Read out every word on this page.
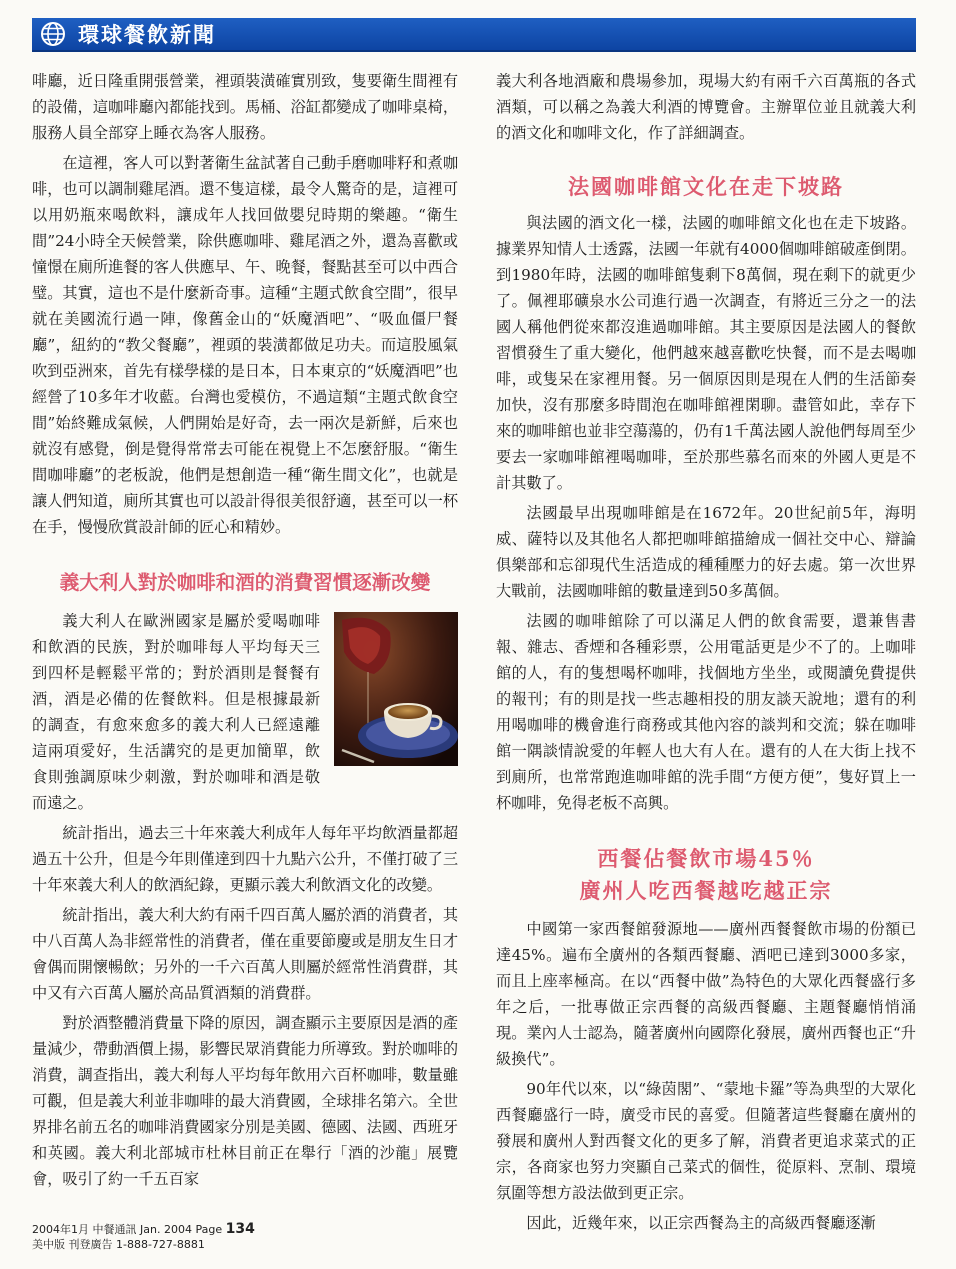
環球餐飲新聞

啡廳，近日隆重開張營業，裡頭裝潢確實別致，隻要衛生間裡有的設備，這咖啡廳內都能找到。馬桶、浴缸都變成了咖啡桌椅，服務人員全部穿上睡衣為客人服務。

在這裡，客人可以對著衛生盆試著自己動手磨咖啡籽和煮咖啡，也可以調制雞尾酒。還不隻這樣，最令人驚奇的是，這裡可以用奶瓶來喝飲料，讓成年人找回做嬰兒時期的樂趣。“衛生間”24小時全天候營業，除供應咖啡、雞尾酒之外，還為喜歡或憧憬在廁所進餐的客人供應早、午、晚餐，餐點甚至可以中西合璧。其實，這也不是什麼新奇事。這種“主題式飲食空間”，很早就在美國流行過一陣，像舊金山的“妖魔酒吧”、“吸血僵尸餐廳”，紐約的“教父餐廳”，裡頭的裝潢都做足功夫。而這股風氣吹到亞洲來，首先有樣學樣的是日本，日本東京的“妖魔酒吧”也經營了10多年才收藍。台灣也愛模仿，不過這類“主題式飲食空間”始終難成氣候，人們開始是好奇，去一兩次是新鮮，后來也就沒有感覺，倒是覺得常常去可能在視覺上不怎麼舒服。“衛生間咖啡廳”的老板說，他們是想創造一種“衛生間文化”，也就是讓人們知道，廁所其實也可以設計得很美很舒適，甚至可以一杯在手，慢慢欣賞設計師的匠心和精妙。

義大利人對於咖啡和酒的消費習慣逐漸改變

義大利人在歐洲國家是屬於愛喝咖啡和飲酒的民族，對於咖啡每人平均每天三到四杯是輕鬆平常的；對於酒則是餐餐有酒，酒是必備的佐餐飲料。但是根據最新的調查，有愈來愈多的義大利人已經遠離這兩項愛好，生活講究的是更加簡單，飲食則強調原味少刺激，對於咖啡和酒是敬而遠之。

統計指出，過去三十年來義大利成年人每年平均飲酒量都超過五十公升，但是今年則僅達到四十九點六公升，不僅打破了三十年來義大利人的飲酒紀錄，更顯示義大利飲酒文化的改變。

統計指出，義大利大約有兩千四百萬人屬於酒的消費者，其中八百萬人為非經常性的消費者，僅在重要節慶或是朋友生日才會偶而開懷暢飲；另外的一千六百萬人則屬於經常性消費群，其中又有六百萬人屬於高品質酒類的消費群。

對於酒整體消費量下降的原因，調查顯示主要原因是酒的產量減少，帶動酒價上揚，影響民眾消費能力所導致。對於咖啡的消費，調查指出，義大利每人平均每年飲用六百杯咖啡，數量雖可觀，但是義大利並非咖啡的最大消費國，全球排名第六。全世界排名前五名的咖啡消費國家分別是美國、德國、法國、西班牙和英國。義大利北部城市杜林目前正在舉行「酒的沙龍」展覽會，吸引了約一千五百家

義大利各地酒廠和農場參加，現場大約有兩千六百萬瓶的各式酒類，可以稱之為義大利酒的博覽會。主辦單位並且就義大利的酒文化和咖啡文化，作了詳細調查。

法國咖啡館文化在走下坡路

與法國的酒文化一樣，法國的咖啡館文化也在走下坡路。據業界知情人士透露，法國一年就有4000個咖啡館破產倒閉。到1980年時，法國的咖啡館隻剩下8萬個，現在剩下的就更少了。佩裡耶礦泉水公司進行過一次調查，有將近三分之一的法國人稱他們從來都沒進過咖啡館。其主要原因是法國人的餐飲習慣發生了重大變化，他們越來越喜歡吃快餐，而不是去喝咖啡，或隻呆在家裡用餐。另一個原因則是現在人們的生活節奏加快，沒有那麼多時間泡在咖啡館裡閑聊。盡管如此，幸存下來的咖啡館也並非空蕩蕩的，仍有1千萬法國人說他們每周至少要去一家咖啡館裡喝咖啡，至於那些慕名而來的外國人更是不計其數了。

法國最早出現咖啡館是在1672年。20世紀前5年，海明威、薩特以及其他名人都把咖啡館描繪成一個社交中心、辯論俱樂部和忘卻現代生活造成的種種壓力的好去處。第一次世界大戰前，法國咖啡館的數量達到50多萬個。

法國的咖啡館除了可以滿足人們的飲食需要，還兼售書報、雜志、香煙和各種彩票，公用電話更是少不了的。上咖啡館的人，有的隻想喝杯咖啡，找個地方坐坐，或閱讀免費提供的報刊；有的則是找一些志趣相投的朋友談天說地；還有的利用喝咖啡的機會進行商務或其他內容的談判和交流；躲在咖啡館一隅談情說愛的年輕人也大有人在。還有的人在大街上找不到廁所，也常常跑進咖啡館的洗手間“方便方便”，隻好買上一杯咖啡，免得老板不高興。

西餐佔餐飲市場45％
廣州人吃西餐越吃越正宗

中國第一家西餐館發源地——廣州西餐餐飲市場的份額已達45%。遍布全廣州的各類西餐廳、酒吧已達到3000多家，而且上座率極高。在以“西餐中做”為特色的大眾化西餐盛行多年之后，一批專做正宗西餐的高級西餐廳、主題餐廳悄悄涌現。業內人士認為，隨著廣州向國際化發展，廣州西餐也正“升級換代”。

90年代以來，以“綠茵閣”、“蒙地卡羅”等為典型的大眾化西餐廳盛行一時，廣受市民的喜愛。但隨著這些餐廳在廣州的發展和廣州人對西餐文化的更多了解，消費者更追求菜式的正宗，各商家也努力突顯自己菜式的個性，從原料、烹制、環境氛圍等想方設法做到更正宗。

因此，近幾年來，以正宗西餐為主的高級西餐廳逐漸

2004年1月 中餐通訊 Jan. 2004 Page 134
美中版 刊登廣告 1-888-727-8881
